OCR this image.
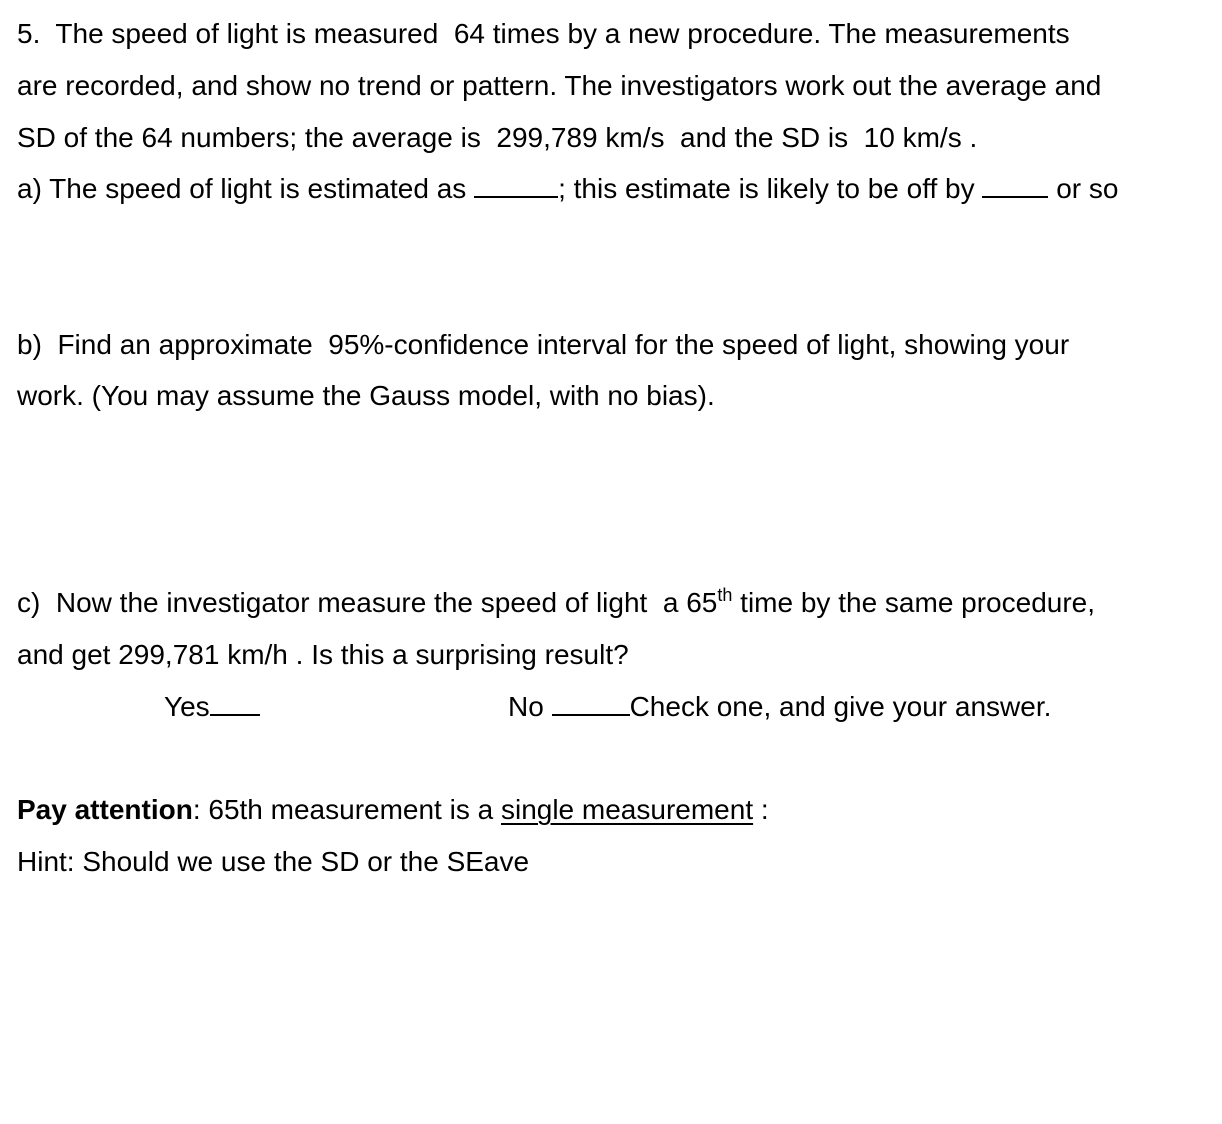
5.  The speed of light is measured  64 times by a new procedure. The measurements
are recorded, and show no trend or pattern. The investigators work out the average and
SD of the 64 numbers; the average is  299,789 km/s  and the SD is  10 km/s .
a) The speed of light is estimated as	; this estimate is likely to be off by  or so
b)  Find an approximate  95%-confidence interval for the speed of light, showing your
work. (You may assume the Gauss model, with no bias).
c)  Now the investigator measure the speed of light  a 65th time by the same procedure,
and get 299,781 km/h . Is this a surprising result?
Yes	No	Check one, and give your answer.
Pay attention: 65th measurement is a single measurement :
Hint: Should we use the SD or the SEave
